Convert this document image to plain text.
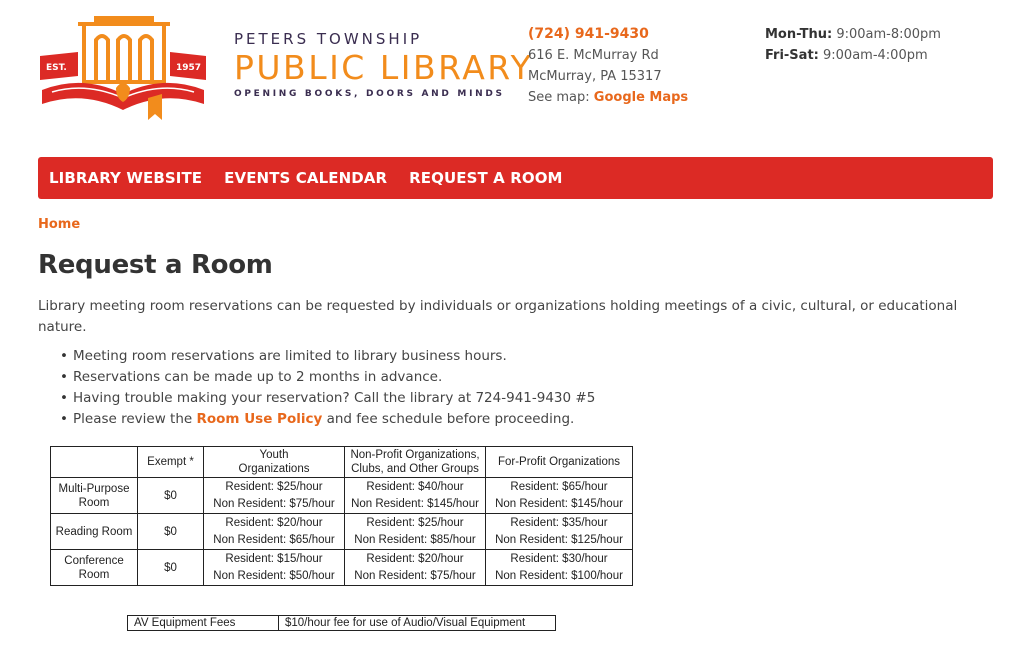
EST.	1957
PETERS TOWNSHIP
PUBLIC LIBRARY
OPENING BOOKS, DOORS AND MINDS
(724) 941-9430
616 E. McMurray Rd
McMurray, PA 15317
See map: Google Maps
Mon-Thu: 9:00am-8:00pm
Fri-Sat: 9:00am-4:00pm
LIBRARY WEBSITE EVENTS CALENDAR REQUEST A ROOM
Home
Request a Room

Library meeting room reservations can be requested by individuals or organizations holding meetings of a civic, cultural, or educational nature.

• Meeting room reservations are limited to library business hours.
• Reservations can be made up to 2 months in advance.
• Having trouble making your reservation? Call the library at 724-941-9430 #5
• Please review the Room Use Policy and fee schedule before proceeding.
	Exempt *	Youth Organizations	Non-Profit Organizations, Clubs, and Other Groups	For-Profit Organizations
Multi-Purpose Room	$0	Resident: $25/hour	Resident: $40/hour	Resident: $65/hour
		Non Resident: $75/hour	Non Resident: $145/hour	Non Resident: $145/hour
Reading Room	$0	Resident: $20/hour	Resident: $25/hour	Resident: $35/hour
		Non Resident: $65/hour	Non Resident: $85/hour	Non Resident: $125/hour
Conference Room	$0	Resident: $15/hour	Resident: $20/hour	Resident: $30/hour
		Non Resident: $50/hour	Non Resident: $75/hour	Non Resident: $100/hour
AV Equipment Fees	$10/hour fee for use of Audio/Visual Equipment
